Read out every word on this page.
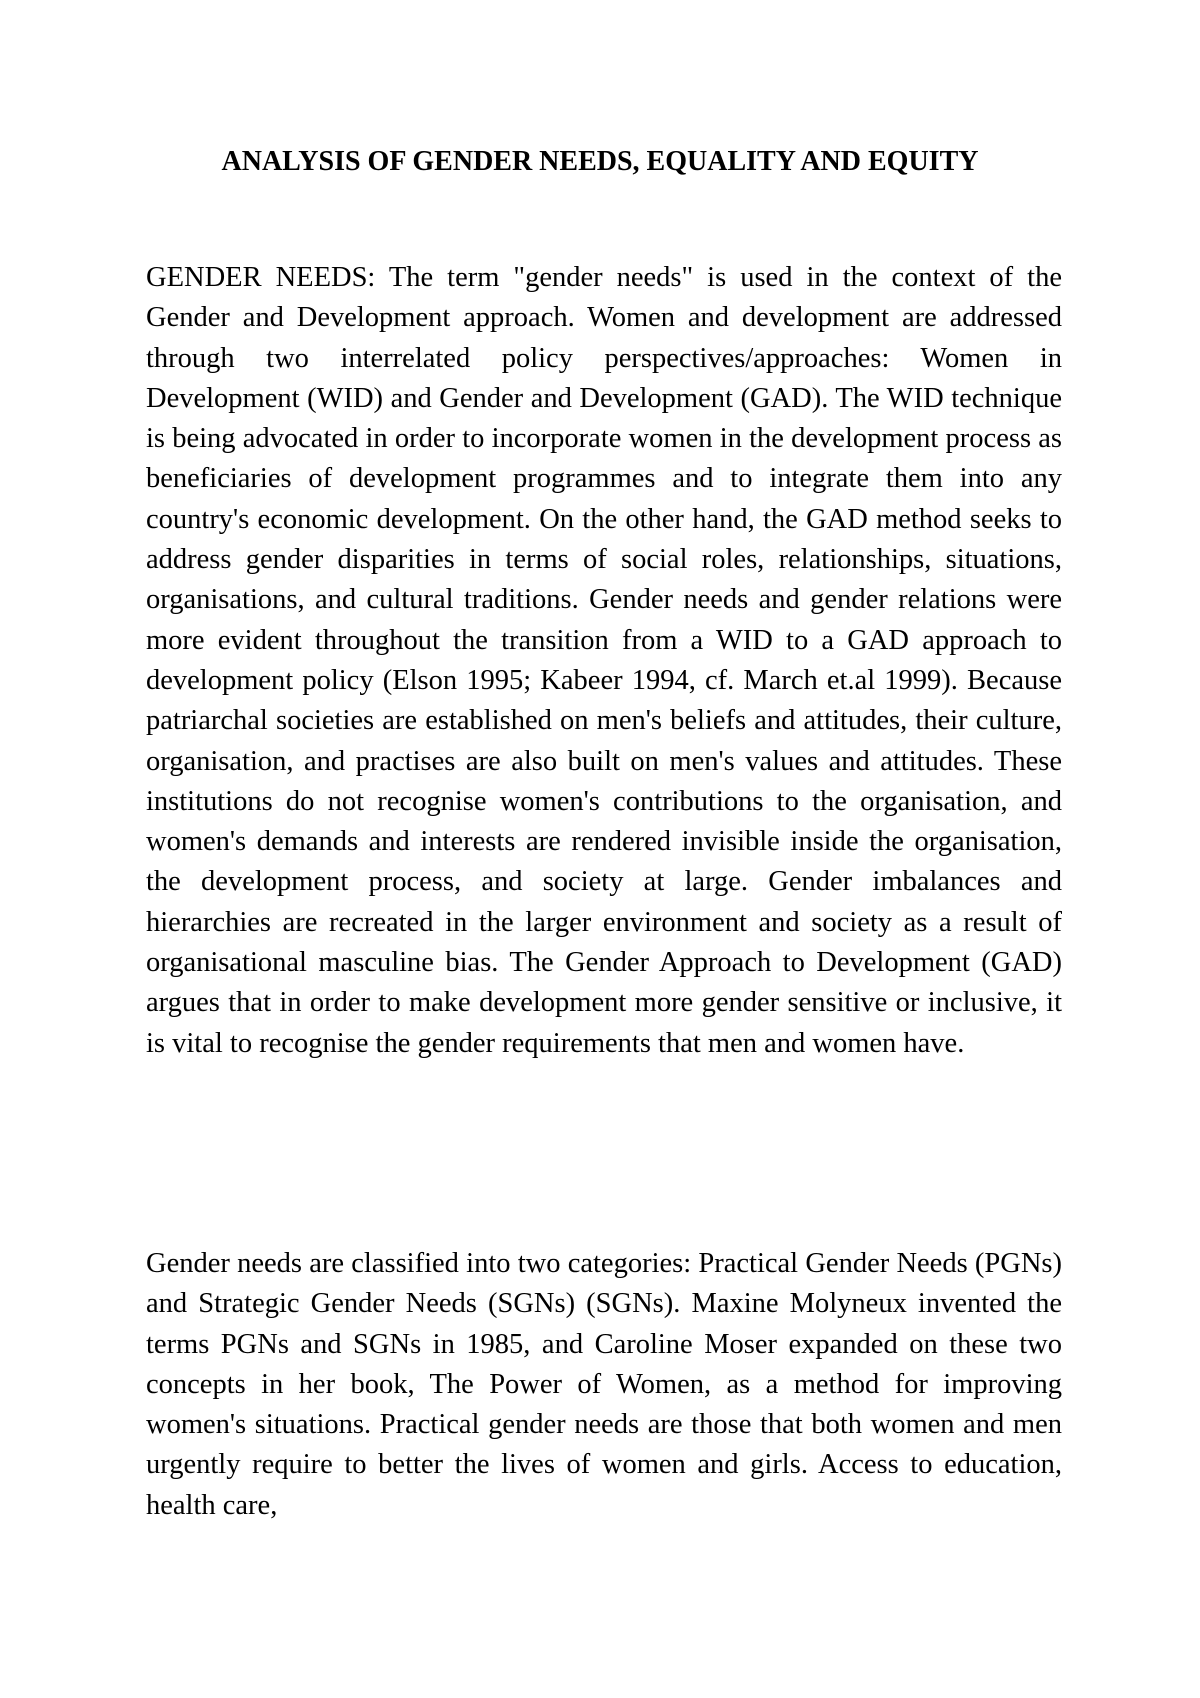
ANALYSIS OF GENDER NEEDS, EQUALITY AND EQUITY

GENDER NEEDS: The term "gender needs" is used in the context of the Gender and Development approach. Women and development are addressed through two interrelated policy perspectives/approaches: Women in Development (WID) and Gender and Development (GAD). The WID technique is being advocated in order to incorporate women in the development process as beneficiaries of development programmes and to integrate them into any country's economic development. On the other hand, the GAD method seeks to address gender disparities in terms of social roles, relationships, situations, organisations, and cultural traditions. Gender needs and gender relations were more evident throughout the transition from a WID to a GAD approach to development policy (Elson 1995; Kabeer 1994, cf. March et.al 1999). Because patriarchal societies are established on men's beliefs and attitudes, their culture, organisation, and practises are also built on men's values and attitudes. These institutions do not recognise women's contributions to the organisation, and women's demands and interests are rendered invisible inside the organisation, the development process, and society at large. Gender imbalances and hierarchies are recreated in the larger environment and society as a result of organisational masculine bias. The Gender Approach to Development (GAD) argues that in order to make development more gender sensitive or inclusive, it is vital to recognise the gender requirements that men and women have.

Gender needs are classified into two categories: Practical Gender Needs (PGNs) and Strategic Gender Needs (SGNs) (SGNs). Maxine Molyneux invented the terms PGNs and SGNs in 1985, and Caroline Moser expanded on these two concepts in her book, The Power of Women, as a method for improving women's situations. Practical gender needs are those that both women and men urgently require to better the lives of women and girls. Access to education, health care,
